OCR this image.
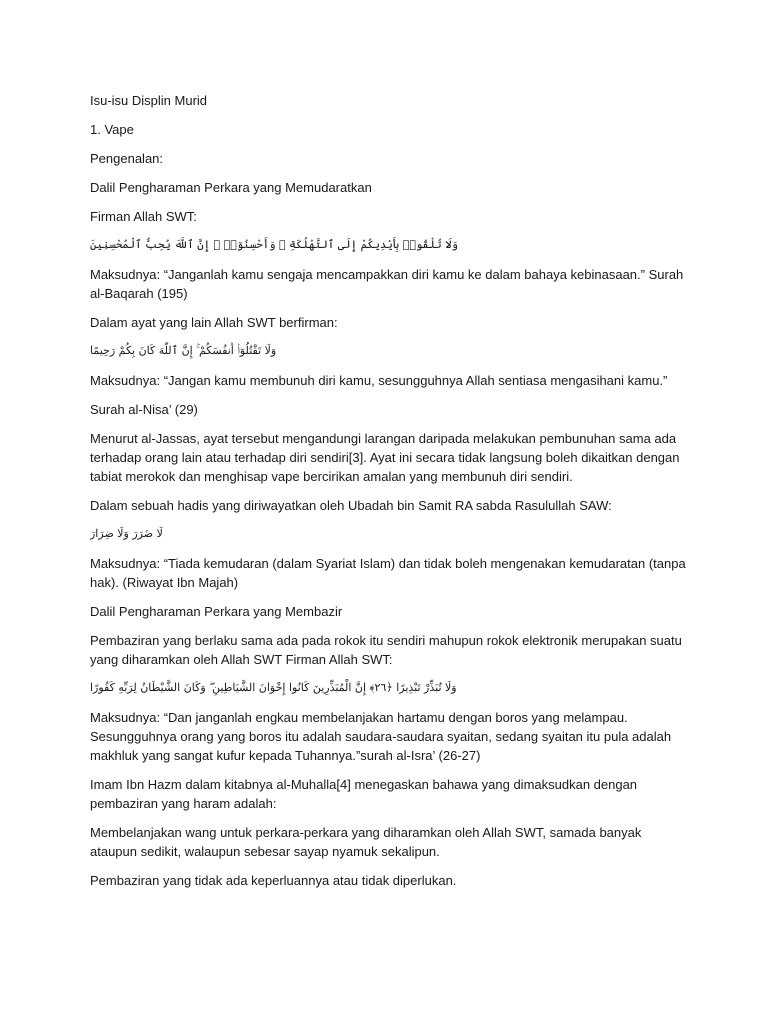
Isu-isu Displin Murid

1. Vape

Pengenalan:

Dalil Pengharaman Perkara yang Memudaratkan

Firman Allah SWT:

وَلَا تُلْقُوا۟ بِأَيْدِيكُمْ إِلَى ٱلتَّهْلُكَةِ ۛ وَأَحْسِنُوٓا۟ ۛ إِنَّ ٱللَّهَ يُحِبُّ ٱلْمُحْسِنِينَ

Maksudnya: “Janganlah kamu sengaja mencampakkan diri kamu ke dalam bahaya kebinasaan.” Surah al-Baqarah (195)

Dalam ayat yang lain Allah SWT berfirman:

وَلَا تَقْتُلُوٓا۟ أَنفُسَكُمْ ۚ إِنَّ ٱللَّهَ كَانَ بِكُمْ رَحِيمًا

Maksudnya: “Jangan kamu membunuh diri kamu, sesungguhnya Allah sentiasa mengasihani kamu.”

Surah al-Nisa’ (29)

Menurut al-Jassas, ayat tersebut mengandungi larangan daripada melakukan pembunuhan sama ada terhadap orang lain atau terhadap diri sendiri[3]. Ayat ini secara tidak langsung boleh dikaitkan dengan tabiat merokok dan menghisap vape bercirikan amalan yang membunuh diri sendiri.

Dalam sebuah hadis yang diriwayatkan oleh Ubadah bin Samit RA sabda Rasulullah SAW:

لَا ضَرَرَ وَلَا ضِرَارَ

Maksudnya: “Tiada kemudaran (dalam Syariat Islam) dan tidak boleh mengenakan kemudaratan (tanpa hak). (Riwayat Ibn Majah)

Dalil Pengharaman Perkara yang Membazir

Pembaziran yang berlaku sama ada pada rokok itu sendiri mahupun rokok elektronik merupakan suatu yang diharamkan oleh Allah SWT Firman Allah SWT:

وَلَا تُبَذِّرْ تَبْذِيرًا ﴿٢٦﴾ إِنَّ الْمُبَذِّرِينَ كَانُوا إِخْوَانَ الشَّيَاطِينِ ۖ وَكَانَ الشَّيْطَانُ لِرَبِّهِ كَفُورًا

Maksudnya: “Dan janganlah engkau membelanjakan hartamu dengan boros yang melampau. Sesungguhnya orang yang boros itu adalah saudara-saudara syaitan, sedang syaitan itu pula adalah makhluk yang sangat kufur kepada Tuhannya.”surah al-Isra’ (26-27)

Imam Ibn Hazm dalam kitabnya al-Muhalla[4] menegaskan bahawa yang dimaksudkan dengan pembaziran yang haram adalah:

Membelanjakan wang untuk perkara-perkara yang diharamkan oleh Allah SWT, samada banyak ataupun sedikit, walaupun sebesar sayap nyamuk sekalipun.

Pembaziran yang tidak ada keperluannya atau tidak diperlukan.
